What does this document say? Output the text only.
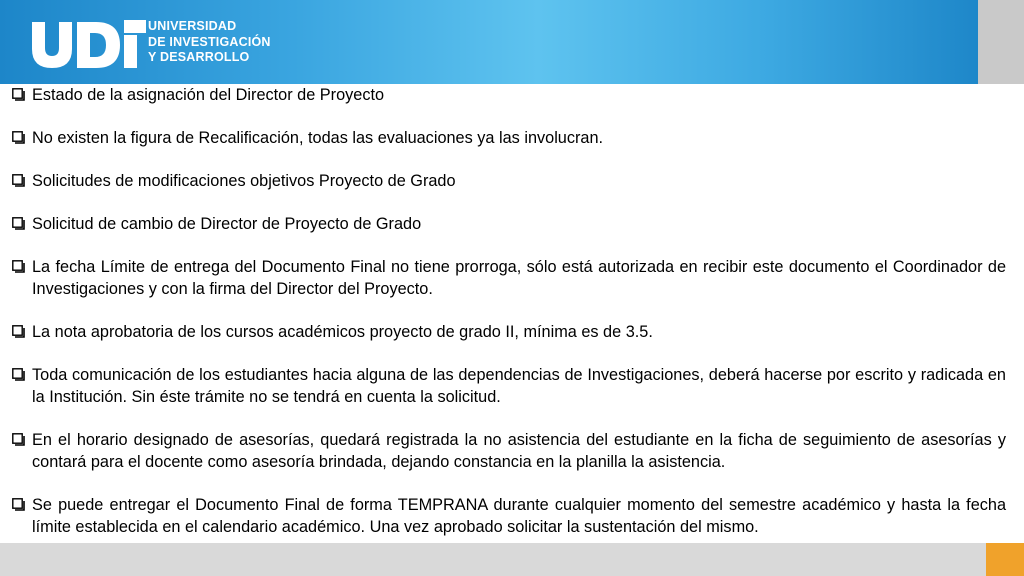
UNIVERSIDAD
DE INVESTIGACIÓN
Y DESARROLLO
Estado de la asignación del Director de Proyecto
No existen la figura de Recalificación, todas las evaluaciones ya las involucran.
Solicitudes de modificaciones objetivos Proyecto de Grado
Solicitud de cambio de Director de Proyecto de Grado
La fecha Límite de entrega del Documento Final no tiene prorroga, sólo está autorizada en recibir este documento el Coordinador de Investigaciones y con la firma del Director del Proyecto.
La nota aprobatoria de los cursos académicos proyecto de grado II, mínima es de 3.5.
Toda comunicación de los estudiantes hacia alguna de las dependencias de Investigaciones, deberá hacerse por escrito y radicada en la Institución. Sin éste trámite no se tendrá en cuenta la solicitud.
En el horario designado de asesorías, quedará registrada la no asistencia del estudiante en la ficha de seguimiento de asesorías y contará para el docente como asesoría brindada, dejando constancia en la planilla la asistencia.
Se puede entregar el Documento Final de forma TEMPRANA durante cualquier momento del semestre académico y hasta la fecha límite establecida en el calendario académico. Una vez aprobado solicitar la sustentación del mismo.
